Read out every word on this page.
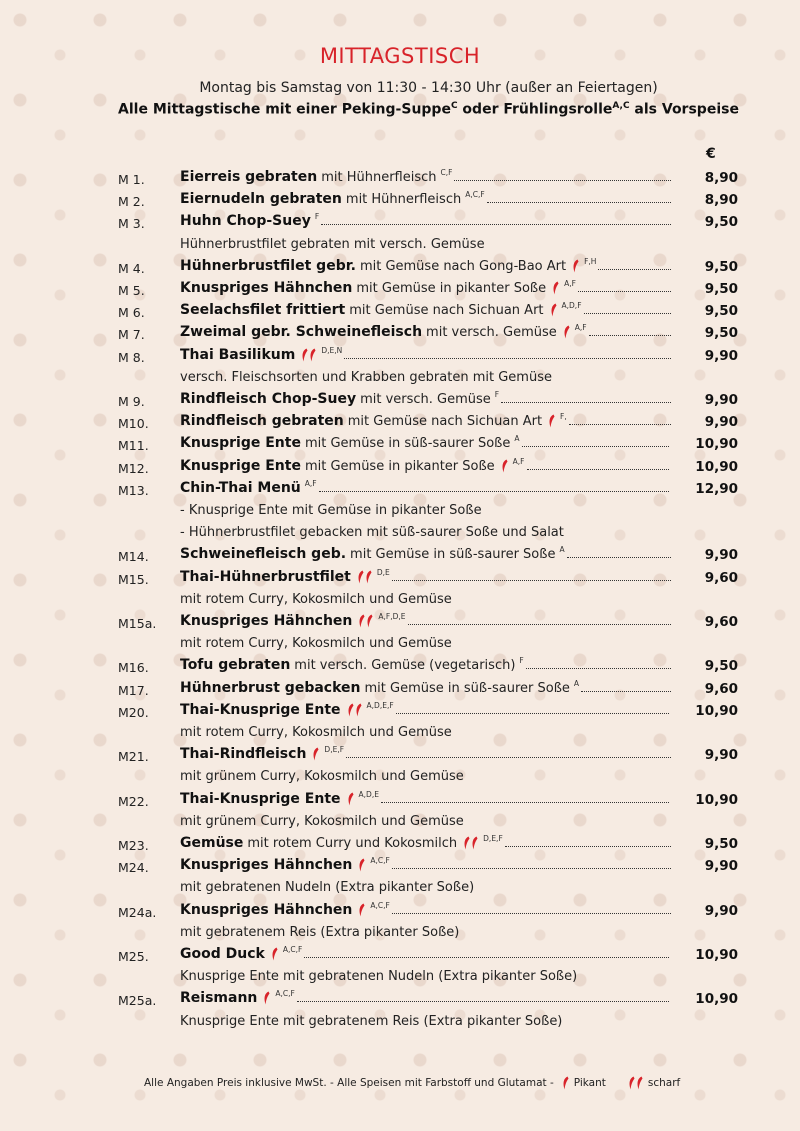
MITTAGSTISCH
Montag bis Samstag von 11:30 - 14:30 Uhr (außer an Feiertagen)
Alle Mittagstische mit einer Peking-Suppe$^C$ oder Frühlingsrolle$^{A,C}$ als Vorspeise
€
M 1.	Eierreis gebraten mit Hühnerfleisch C,F	8,90
M 2.	Eiernudeln gebraten mit Hühnerfleisch A,C,F	8,90
M 3.	Huhn Chop-Suey F	9,50
Hühnerbrustfilet gebraten mit versch. Gemüse
M 4.	Hühnerbrustfilet gebr. mit Gemüse nach Gong-Bao Art F,H	9,50
M 5.	Knuspriges Hähnchen mit Gemüse in pikanter Soße A,F	9,50
M 6.	Seelachsfilet frittiert mit Gemüse nach Sichuan Art A,D,F	9,50
M 7.	Zweimal gebr. Schweinefleisch mit versch. Gemüse A,F	9,50
M 8.	Thai Basilikum	D,E,N	9,90
versch. Fleischsorten und Krabben gebraten mit Gemüse
M 9.	Rindfleisch Chop-Suey mit versch. Gemüse F	9,90
M10. Rindfleisch gebraten mit Gemüse nach Sichuan Art F,	9,90
M11. Knusprige Ente mit Gemüse in süß-saurer Soße A	10,90
M12. Knusprige Ente mit Gemüse in pikanter Soße A,F	10,90
M13. Chin-Thai Menü A,F	12,90
- Knusprige Ente mit Gemüse in pikanter Soße
- Hühnerbrustfilet gebacken mit süß-saurer Soße und Salat
M14. Schweinefleisch geb. mit Gemüse in süß-saurer Soße A	9,90
M15. Thai-Hühnerbrustfilet	D,E	9,60
mit rotem Curry, Kokosmilch und Gemüse
M15a. Knuspriges Hähnchen	A,F,D,E	9,60
mit rotem Curry, Kokosmilch und Gemüse
M16. Tofu gebraten mit versch. Gemüse (vegetarisch) F	9,50
M17. Hühnerbrust gebacken mit Gemüse in süß-saurer Soße A	9,60
M20. Thai-Knusprige Ente	A,D,E,F	10,90
mit rotem Curry, Kokosmilch und Gemüse
M21. Thai-Rindfleisch D,E,F	9,90
mit grünem Curry, Kokosmilch und Gemüse
M22. Thai-Knusprige Ente A,D,E	10,90
mit grünem Curry, Kokosmilch und Gemüse
M23. Gemüse mit rotem Curry und Kokosmilch	D,E,F	9,50
M24. Knuspriges Hähnchen A,C,F	9,90
mit gebratenen Nudeln (Extra pikanter Soße)
M24a. Knuspriges Hähnchen A,C,F	9,90
mit gebratenem Reis (Extra pikanter Soße)
M25. Good Duck A,C,F	10,90
Knusprige Ente mit gebratenen Nudeln (Extra pikanter Soße)
M25a. Reismann A,C,F	10,90
Knusprige Ente mit gebratenem Reis (Extra pikanter Soße)
Alle Angaben Preis inklusive MwSt. - Alle Speisen mit Farbstoff und Glutamat - Pikant	scharf
